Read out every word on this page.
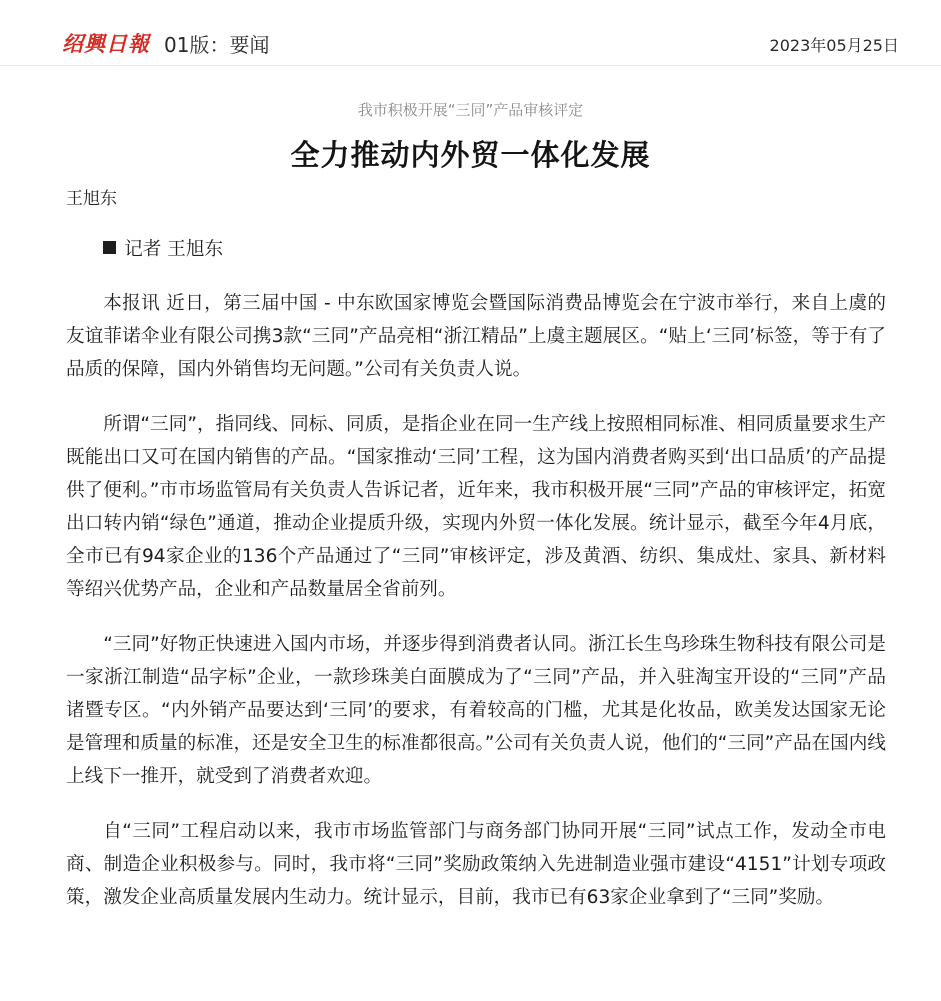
绍興日報 01版：要闻	2023年05月25日
我市积极开展“三同”产品审核评定
全力推动内外贸一体化发展
王旭东

记者 王旭东

本报讯 近日，第三届中国 - 中东欧国家博览会暨国际消费品博览会在宁波市举行，来自上虞的友谊菲诺伞业有限公司携3款“三同”产品亮相“浙江精品”上虞主题展区。“贴上‘三同’标签，等于有了品质的保障，国内外销售均无问题。”公司有关负责人说。

所谓“三同”，指同线、同标、同质，是指企业在同一生产线上按照相同标准、相同质量要求生产既能出口又可在国内销售的产品。“国家推动‘三同’工程，这为国内消费者购买到‘出口品质’的产品提供了便利。”市市场监管局有关负责人告诉记者，近年来，我市积极开展“三同”产品的审核评定，拓宽出口转内销“绿色”通道，推动企业提质升级，实现内外贸一体化发展。统计显示，截至今年4月底，全市已有94家企业的136个产品通过了“三同”审核评定，涉及黄酒、纺织、集成灶、家具、新材料等绍兴优势产品，企业和产品数量居全省前列。

“三同”好物正快速进入国内市场，并逐步得到消费者认同。浙江长生鸟珍珠生物科技有限公司是一家浙江制造“品字标”企业，一款珍珠美白面膜成为了“三同”产品，并入驻淘宝开设的“三同”产品诸暨专区。“内外销产品要达到‘三同’的要求，有着较高的门槛，尤其是化妆品，欧美发达国家无论是管理和质量的标准，还是安全卫生的标准都很高。”公司有关负责人说，他们的“三同”产品在国内线上线下一推开，就受到了消费者欢迎。

自“三同”工程启动以来，我市市场监管部门与商务部门协同开展“三同”试点工作，发动全市电商、制造企业积极参与。同时，我市将“三同”奖励政策纳入先进制造业强市建设“4151”计划专项政策，激发企业高质量发展内生动力。统计显示，目前，我市已有63家企业拿到了“三同”奖励。
